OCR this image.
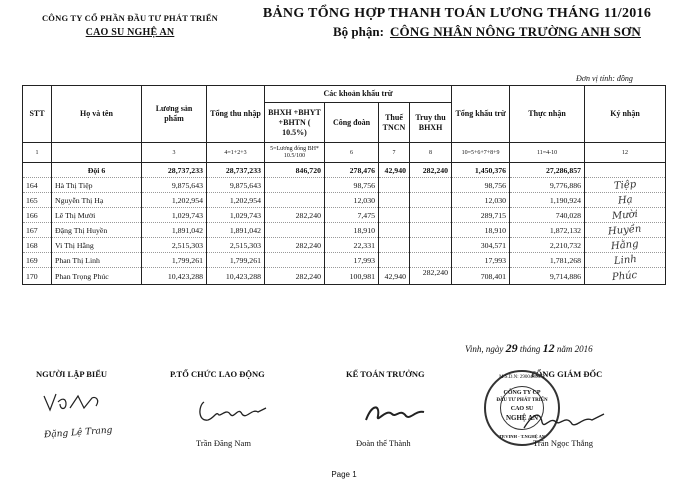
CÔNG TY CỔ PHẦN ĐẦU TƯ PHÁT TRIỂN
CAO SU NGHỆ AN
BẢNG TỔNG HỢP THANH TOÁN LƯƠNG THÁNG 11/2016
Bộ phận: CÔNG NHÂN NÔNG TRƯỜNG ANH SƠN
Đơn vị tính: đồng
STT	Họ và tên	Lương sản phẩm	Tổng thu nhập	Các khoản khấu trừ				Tổng khấu trừ	Thực nhận	Ký nhận
				BHXH +BHYT +BHTN ( 10.5%)	Công đoàn	Thuế TNCN	Truy thu BHXH			
1		3	4=1+2+3	5=Lương đóng BH* 10.5/100	6	7	8	10=5+6+7+8+9	11=4-10	12
	Đội 6	28,737,233	28,737,233	846,720	278,476	42,940	282,240	1,450,376	27,286,857	
164	Hà Thị Tiệp	9,875,643	9,875,643		98,756			98,756	9,776,886	Tiệp
165	Nguyễn Thị Hạ	1,202,954	1,202,954		12,030			12,030	1,190,924	Hạ
166	Lê Thị Mười	1,029,743	1,029,743	282,240	7,475			289,715	740,028	Mười
167	Đặng Thị Huyền	1,891,042	1,891,042		18,910			18,910	1,872,132	Huyền
168	Vi Thị Hằng	2,515,303	2,515,303	282,240	22,331			304,571	2,210,732	Hằng
169	Phan Thị Linh	1,799,261	1,799,261		17,993			17,993	1,781,268	Linh
170	Phan Trọng Phúc	10,423,288	10,423,288	282,240	100,981	42,940	282,240	708,401	9,714,886	Phúc
Vinh, ngày 29 tháng 12 năm 2016
NGƯỜI LẬP BIỂU	P.TỔ CHỨC LAO ĐỘNG	KẾ TOÁN TRƯỞNG	TỔNG GIÁM ĐỐC
Đặng Lệ Trang
Trần Đăng Nam	Đoàn thế Thành
M.S.D.N: 2900486472
CÔNG TY CP
ĐẦU TƯ PHÁT TRIỂN
CAO SU
NGHỆ AN
TP.VINH - T.NGHỆ AN
Trần Ngọc Thắng
Page 1
